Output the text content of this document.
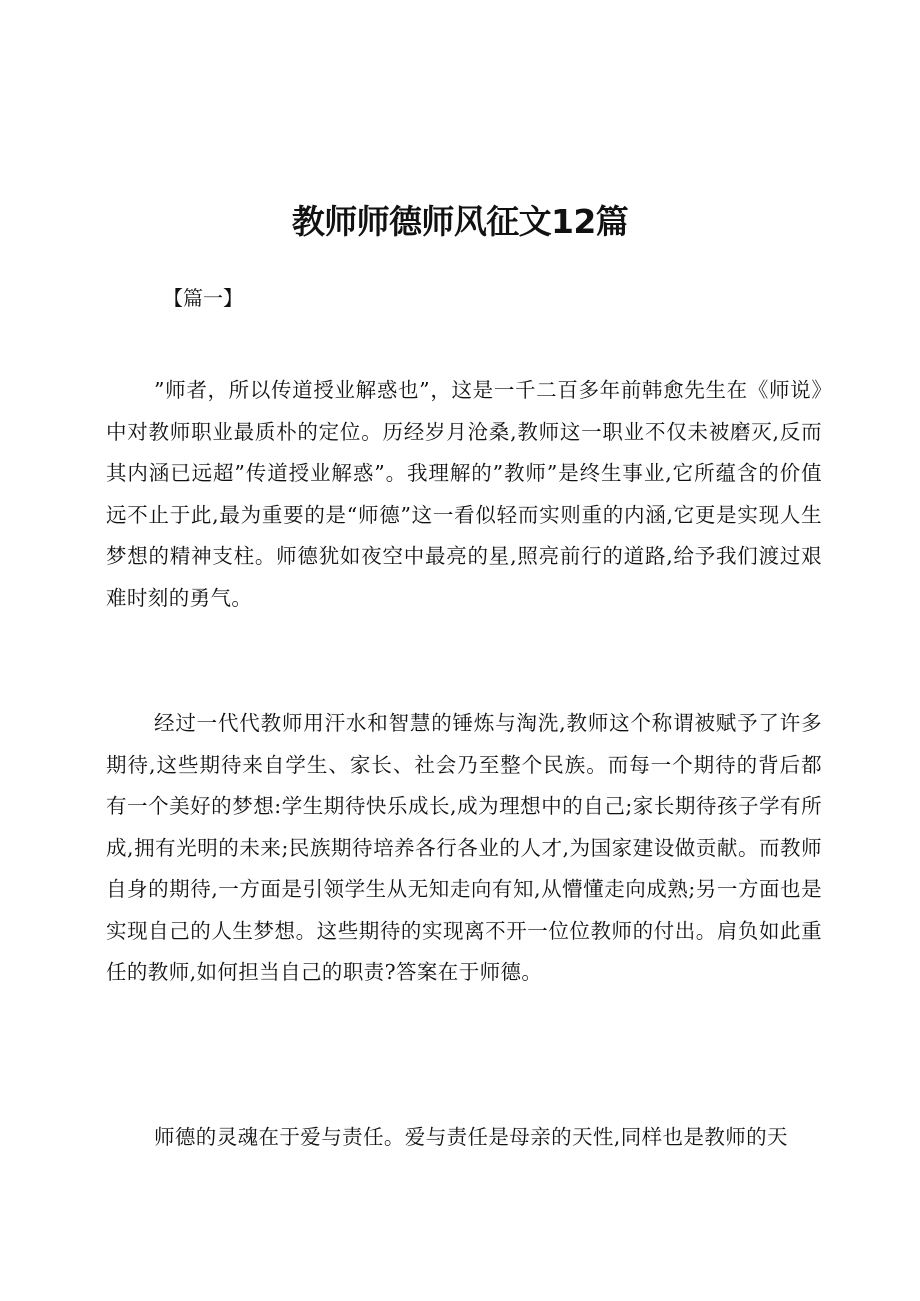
教师师德师风征文12篇
【篇一】

”师者，所以传道授业解惑也”，这是一千二百多年前韩愈先生在《师说》中对教师职业最质朴的定位。历经岁月沧桑,教师这一职业不仅未被磨灭,反而其内涵已远超”传道授业解惑”。我理解的”教师”是终生事业,它所蕴含的价值远不止于此,最为重要的是“师德”这一看似轻而实则重的内涵,它更是实现人生梦想的精神支柱。师德犹如夜空中最亮的星,照亮前行的道路,给予我们渡过艰难时刻的勇气。

经过一代代教师用汗水和智慧的锤炼与淘洗,教师这个称谓被赋予了许多期待,这些期待来自学生、家长、社会乃至整个民族。而每一个期待的背后都有一个美好的梦想:学生期待快乐成长,成为理想中的自己;家长期待孩子学有所成,拥有光明的未来;民族期待培养各行各业的人才,为国家建设做贡献。而教师自身的期待,一方面是引领学生从无知走向有知,从懵懂走向成熟;另一方面也是实现自己的人生梦想。这些期待的实现离不开一位位教师的付出。肩负如此重任的教师,如何担当自己的职责?答案在于师德。

师德的灵魂在于爱与责任。爱与责任是母亲的天性,同样也是教师的天
